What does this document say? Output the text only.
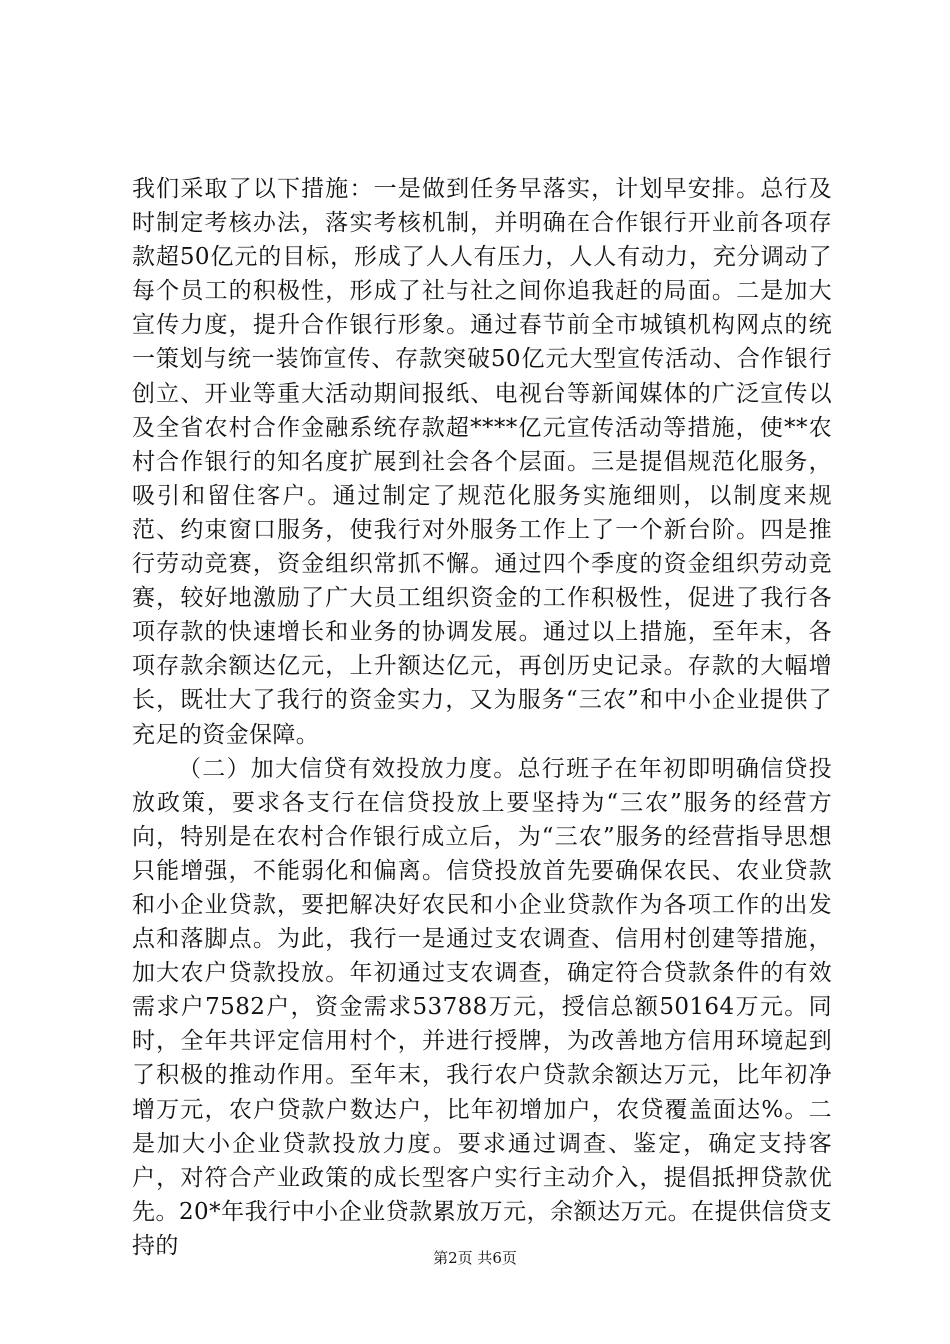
我们采取了以下措施：一是做到任务早落实，计划早安排。总行及时制定考核办法，落实考核机制，并明确在合作银行开业前各项存款超50亿元的目标，形成了人人有压力，人人有动力，充分调动了每个员工的积极性，形成了社与社之间你追我赶的局面。二是加大宣传力度，提升合作银行形象。通过春节前全市城镇机构网点的统一策划与统一装饰宣传、存款突破50亿元大型宣传活动、合作银行创立、开业等重大活动期间报纸、电视台等新闻媒体的广泛宣传以及全省农村合作金融系统存款超****亿元宣传活动等措施，使**农村合作银行的知名度扩展到社会各个层面。三是提倡规范化服务，吸引和留住客户。通过制定了规范化服务实施细则，以制度来规范、约束窗口服务，使我行对外服务工作上了一个新台阶。四是推行劳动竞赛，资金组织常抓不懈。通过四个季度的资金组织劳动竞赛，较好地激励了广大员工组织资金的工作积极性，促进了我行各项存款的快速增长和业务的协调发展。通过以上措施，至年末，各项存款余额达亿元，上升额达亿元，再创历史记录。存款的大幅增长，既壮大了我行的资金实力，又为服务“三农”和中小企业提供了充足的资金保障。

（二）加大信贷有效投放力度。总行班子在年初即明确信贷投放政策，要求各支行在信贷投放上要坚持为“三农”服务的经营方向，特别是在农村合作银行成立后，为“三农”服务的经营指导思想只能增强，不能弱化和偏离。信贷投放首先要确保农民、农业贷款和小企业贷款，要把解决好农民和小企业贷款作为各项工作的出发点和落脚点。为此，我行一是通过支农调查、信用村创建等措施，加大农户贷款投放。年初通过支农调查，确定符合贷款条件的有效需求户7582户，资金需求53788万元，授信总额50164万元。同时，全年共评定信用村个，并进行授牌，为改善地方信用环境起到了积极的推动作用。至年末，我行农户贷款余额达万元，比年初净增万元，农户贷款户数达户，比年初增加户，农贷覆盖面达%。二是加大小企业贷款投放力度。要求通过调查、鉴定，确定支持客户，对符合产业政策的成长型客户实行主动介入，提倡抵押贷款优先。20*年我行中小企业贷款累放万元，余额达万元。在提供信贷支持的	第2页 共6页
